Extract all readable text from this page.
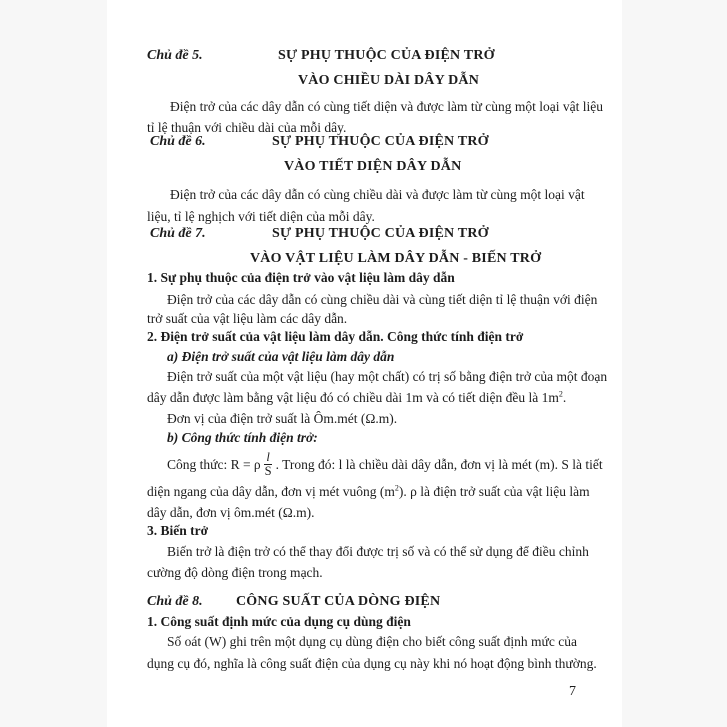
Chủ đề 5.	SỰ PHỤ THUỘC CỦA ĐIỆN TRỞ
VÀO CHIỀU DÀI DÂY DẪN
Điện trở của các dây dẫn có cùng tiết diện và được làm từ cùng một loại vật liệu
tỉ lệ thuận với chiều dài của mỗi dây.
Chủ đề 6.	SỰ PHỤ THUỘC CỦA ĐIỆN TRỞ
VÀO TIẾT DIỆN DÂY DẪN
Điện trở của các dây dẫn có cùng chiều dài và được làm từ cùng một loại vật
liệu, tỉ lệ nghịch với tiết diện của mỗi dây.
Chủ đề 7.	SỰ PHỤ THUỘC CỦA ĐIỆN TRỞ
VÀO VẬT LIỆU LÀM DÂY DẪN - BIẾN TRỞ
1. Sự phụ thuộc của điện trở vào vật liệu làm dây dẫn
Điện trở của các dây dẫn có cùng chiều dài và cùng tiết diện tỉ lệ thuận với điện
trở suất của vật liệu làm các dây dẫn.
2. Điện trở suất của vật liệu làm dây dẫn. Công thức tính điện trở
a) Điện trở suất của vật liệu làm dây dẫn
Điện trở suất của một vật liệu (hay một chất) có trị số bằng điện trở của một đoạn
dây dẫn được làm bằng vật liệu đó có chiều dài 1m và có tiết diện đều là $1m^2$.
Đơn vị của điện trở suất là Ôm.mét (Ω.m).
b) Công thức tính điện trở:
Công thức: R = ρ $\frac{l}{S}$ . Trong đó: l là chiều dài dây dẫn, đơn vị là mét (m). S là tiết
diện ngang của dây dẫn, đơn vị mét vuông $(m^2)$. ρ là điện trở suất của vật liệu làm
dây dẫn, đơn vị ôm.mét (Ω.m).
3. Biến trở
Biến trở là điện trở có thể thay đổi được trị số và có thể sử dụng để điều chỉnh
cường độ dòng điện trong mạch.
Chủ đề 8. CÔNG SUẤT CỦA DÒNG ĐIỆN
1. Công suất định mức của dụng cụ dùng điện
Số oát (W) ghi trên một dụng cụ dùng điện cho biết công suất định mức của
dụng cụ đó, nghĩa là công suất điện của dụng cụ này khi nó hoạt động bình thường.
7
